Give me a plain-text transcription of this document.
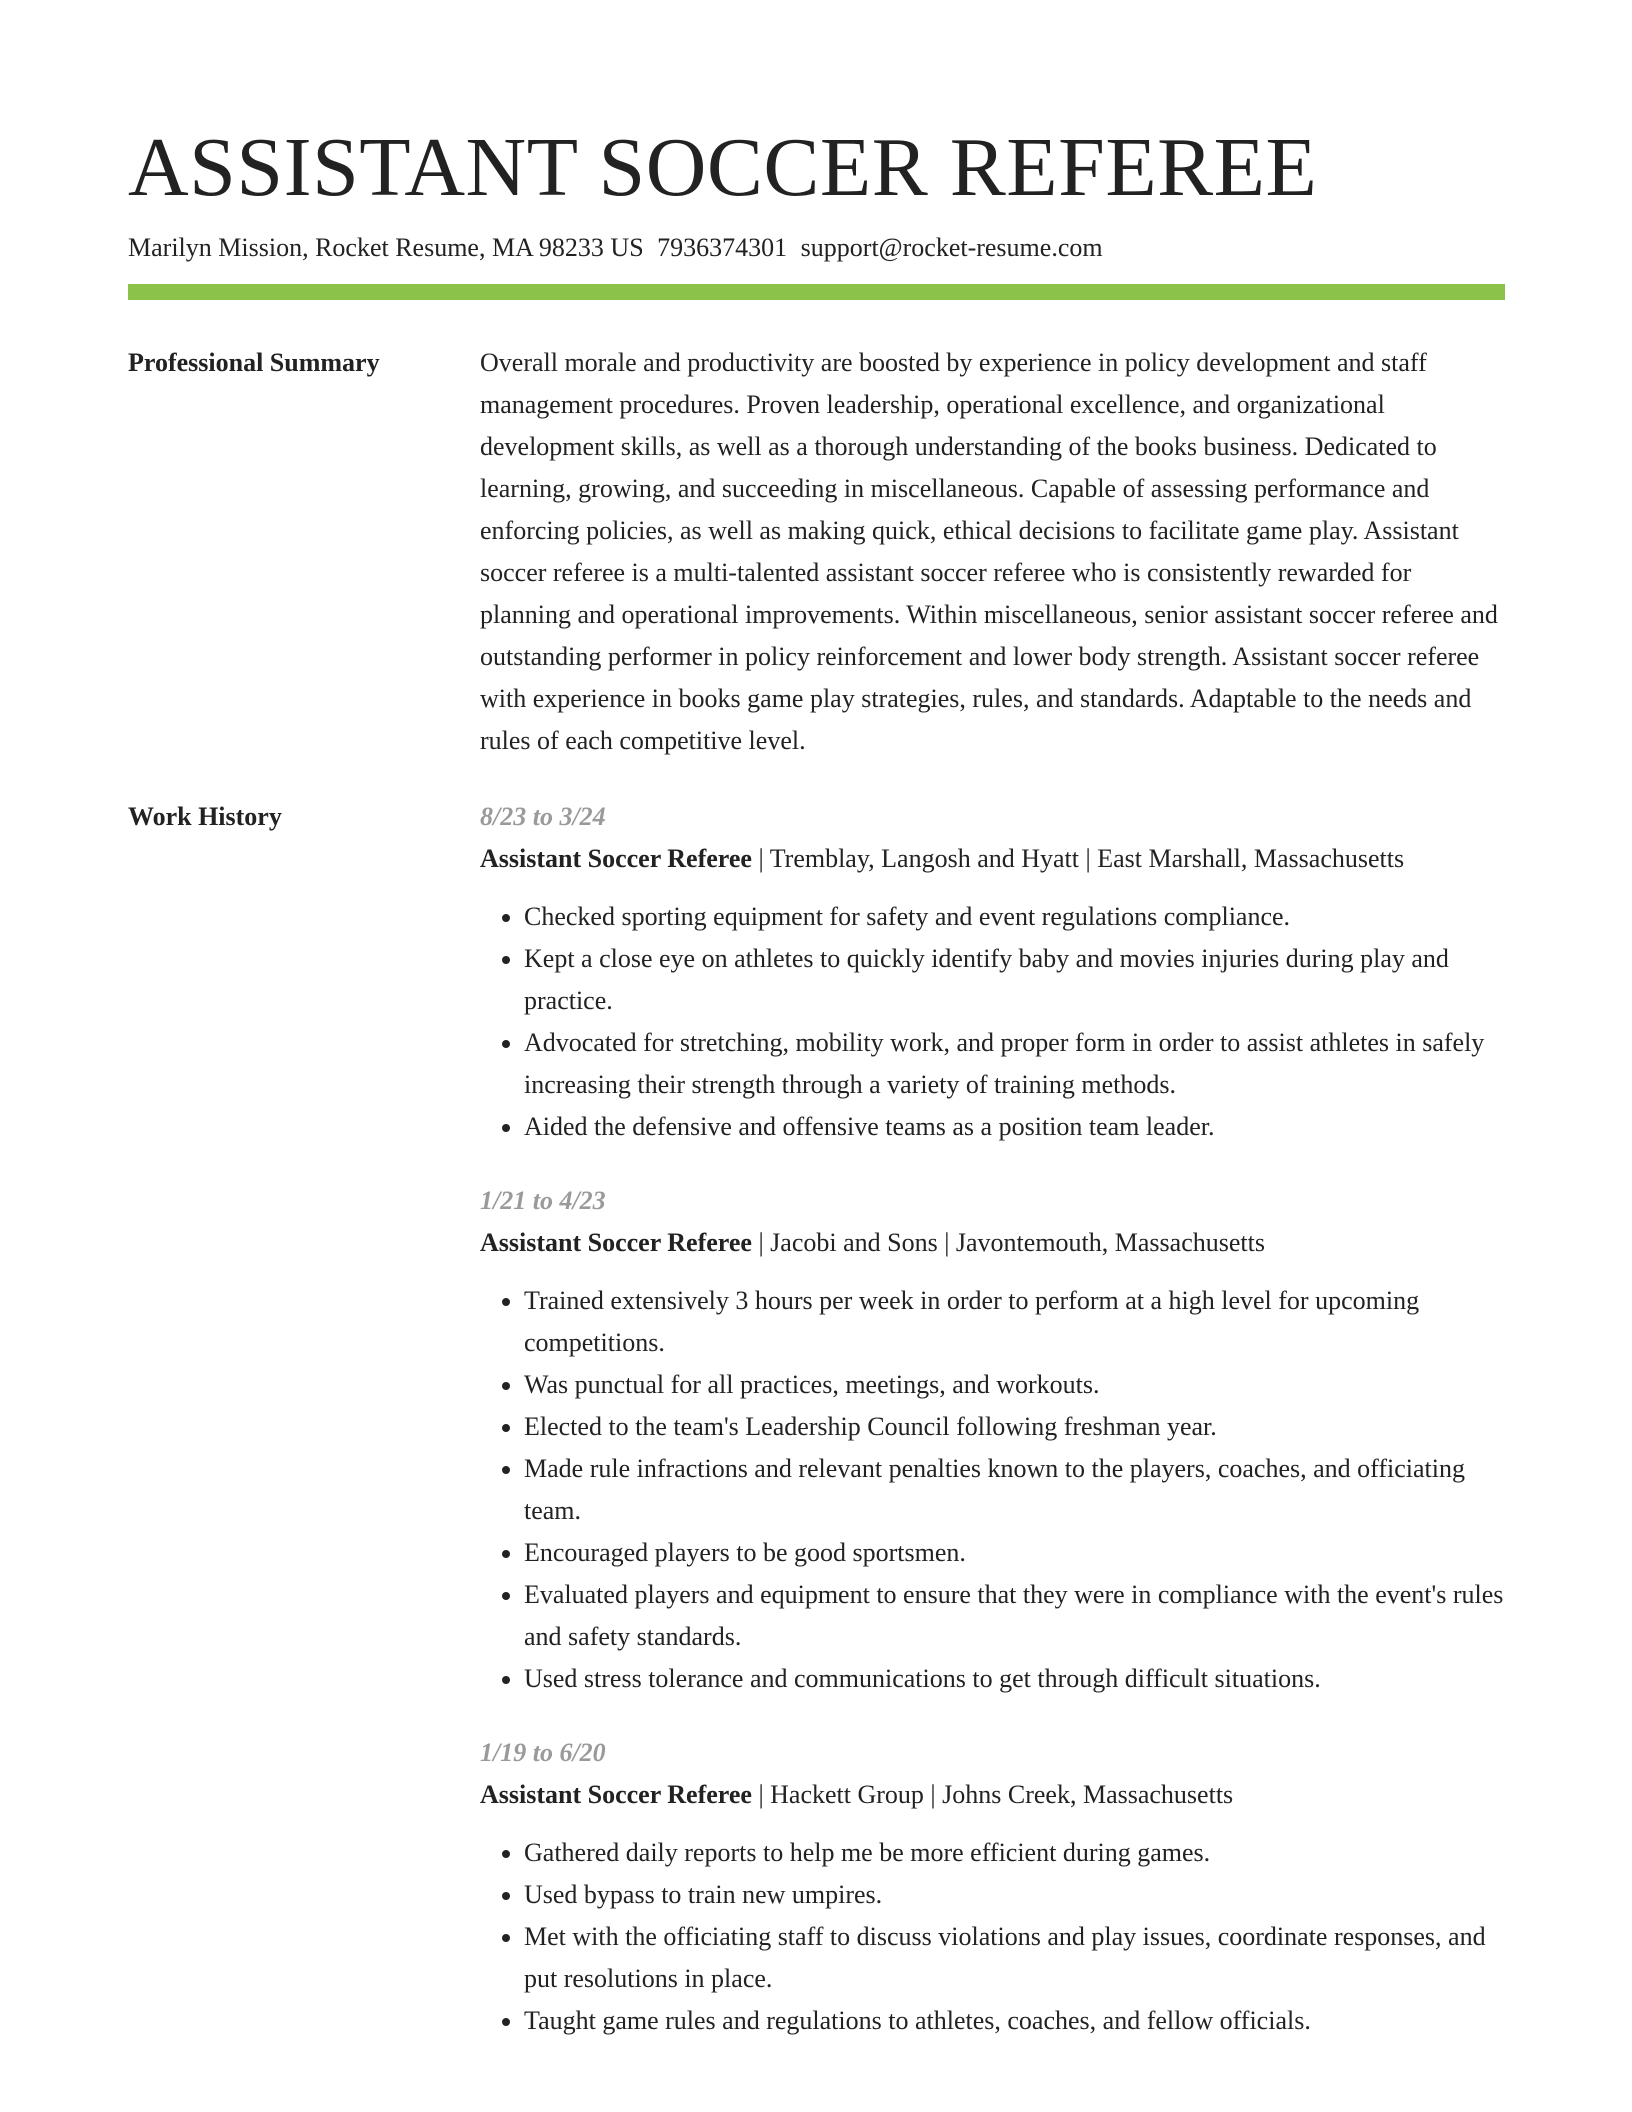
ASSISTANT SOCCER REFEREE
Marilyn Mission, Rocket Resume, MA 98233 US 7936374301 support@rocket-resume.com
Professional Summary	Overall morale and productivity are boosted by experience in policy development and staff management procedures. Proven leadership, operational excellence, and organizational development skills, as well as a thorough understanding of the books business. Dedicated to learning, growing, and succeeding in miscellaneous. Capable of assessing performance and enforcing policies, as well as making quick, ethical decisions to facilitate game play. Assistant soccer referee is a multi-talented assistant soccer referee who is consistently rewarded for planning and operational improvements. Within miscellaneous, senior assistant soccer referee and outstanding performer in policy reinforcement and lower body strength. Assistant soccer referee with experience in books game play strategies, rules, and standards. Adaptable to the needs and rules of each competitive level.

Work History	8/23 to 3/24
Assistant Soccer Referee | Tremblay, Langosh and Hyatt | East Marshall, Massachusetts
• Checked sporting equipment for safety and event regulations compliance.
• Kept a close eye on athletes to quickly identify baby and movies injuries during play and practice.
• Advocated for stretching, mobility work, and proper form in order to assist athletes in safely increasing their strength through a variety of training methods.
• Aided the defensive and offensive teams as a position team leader.
1/21 to 4/23
Assistant Soccer Referee | Jacobi and Sons | Javontemouth, Massachusetts
• Trained extensively 3 hours per week in order to perform at a high level for upcoming competitions.
• Was punctual for all practices, meetings, and workouts.
• Elected to the team's Leadership Council following freshman year.
• Made rule infractions and relevant penalties known to the players, coaches, and officiating team.
• Encouraged players to be good sportsmen.
• Evaluated players and equipment to ensure that they were in compliance with the event's rules and safety standards.
• Used stress tolerance and communications to get through difficult situations.
1/19 to 6/20
Assistant Soccer Referee | Hackett Group | Johns Creek, Massachusetts
• Gathered daily reports to help me be more efficient during games.
• Used bypass to train new umpires.
• Met with the officiating staff to discuss violations and play issues, coordinate responses, and put resolutions in place.
• Taught game rules and regulations to athletes, coaches, and fellow officials.
